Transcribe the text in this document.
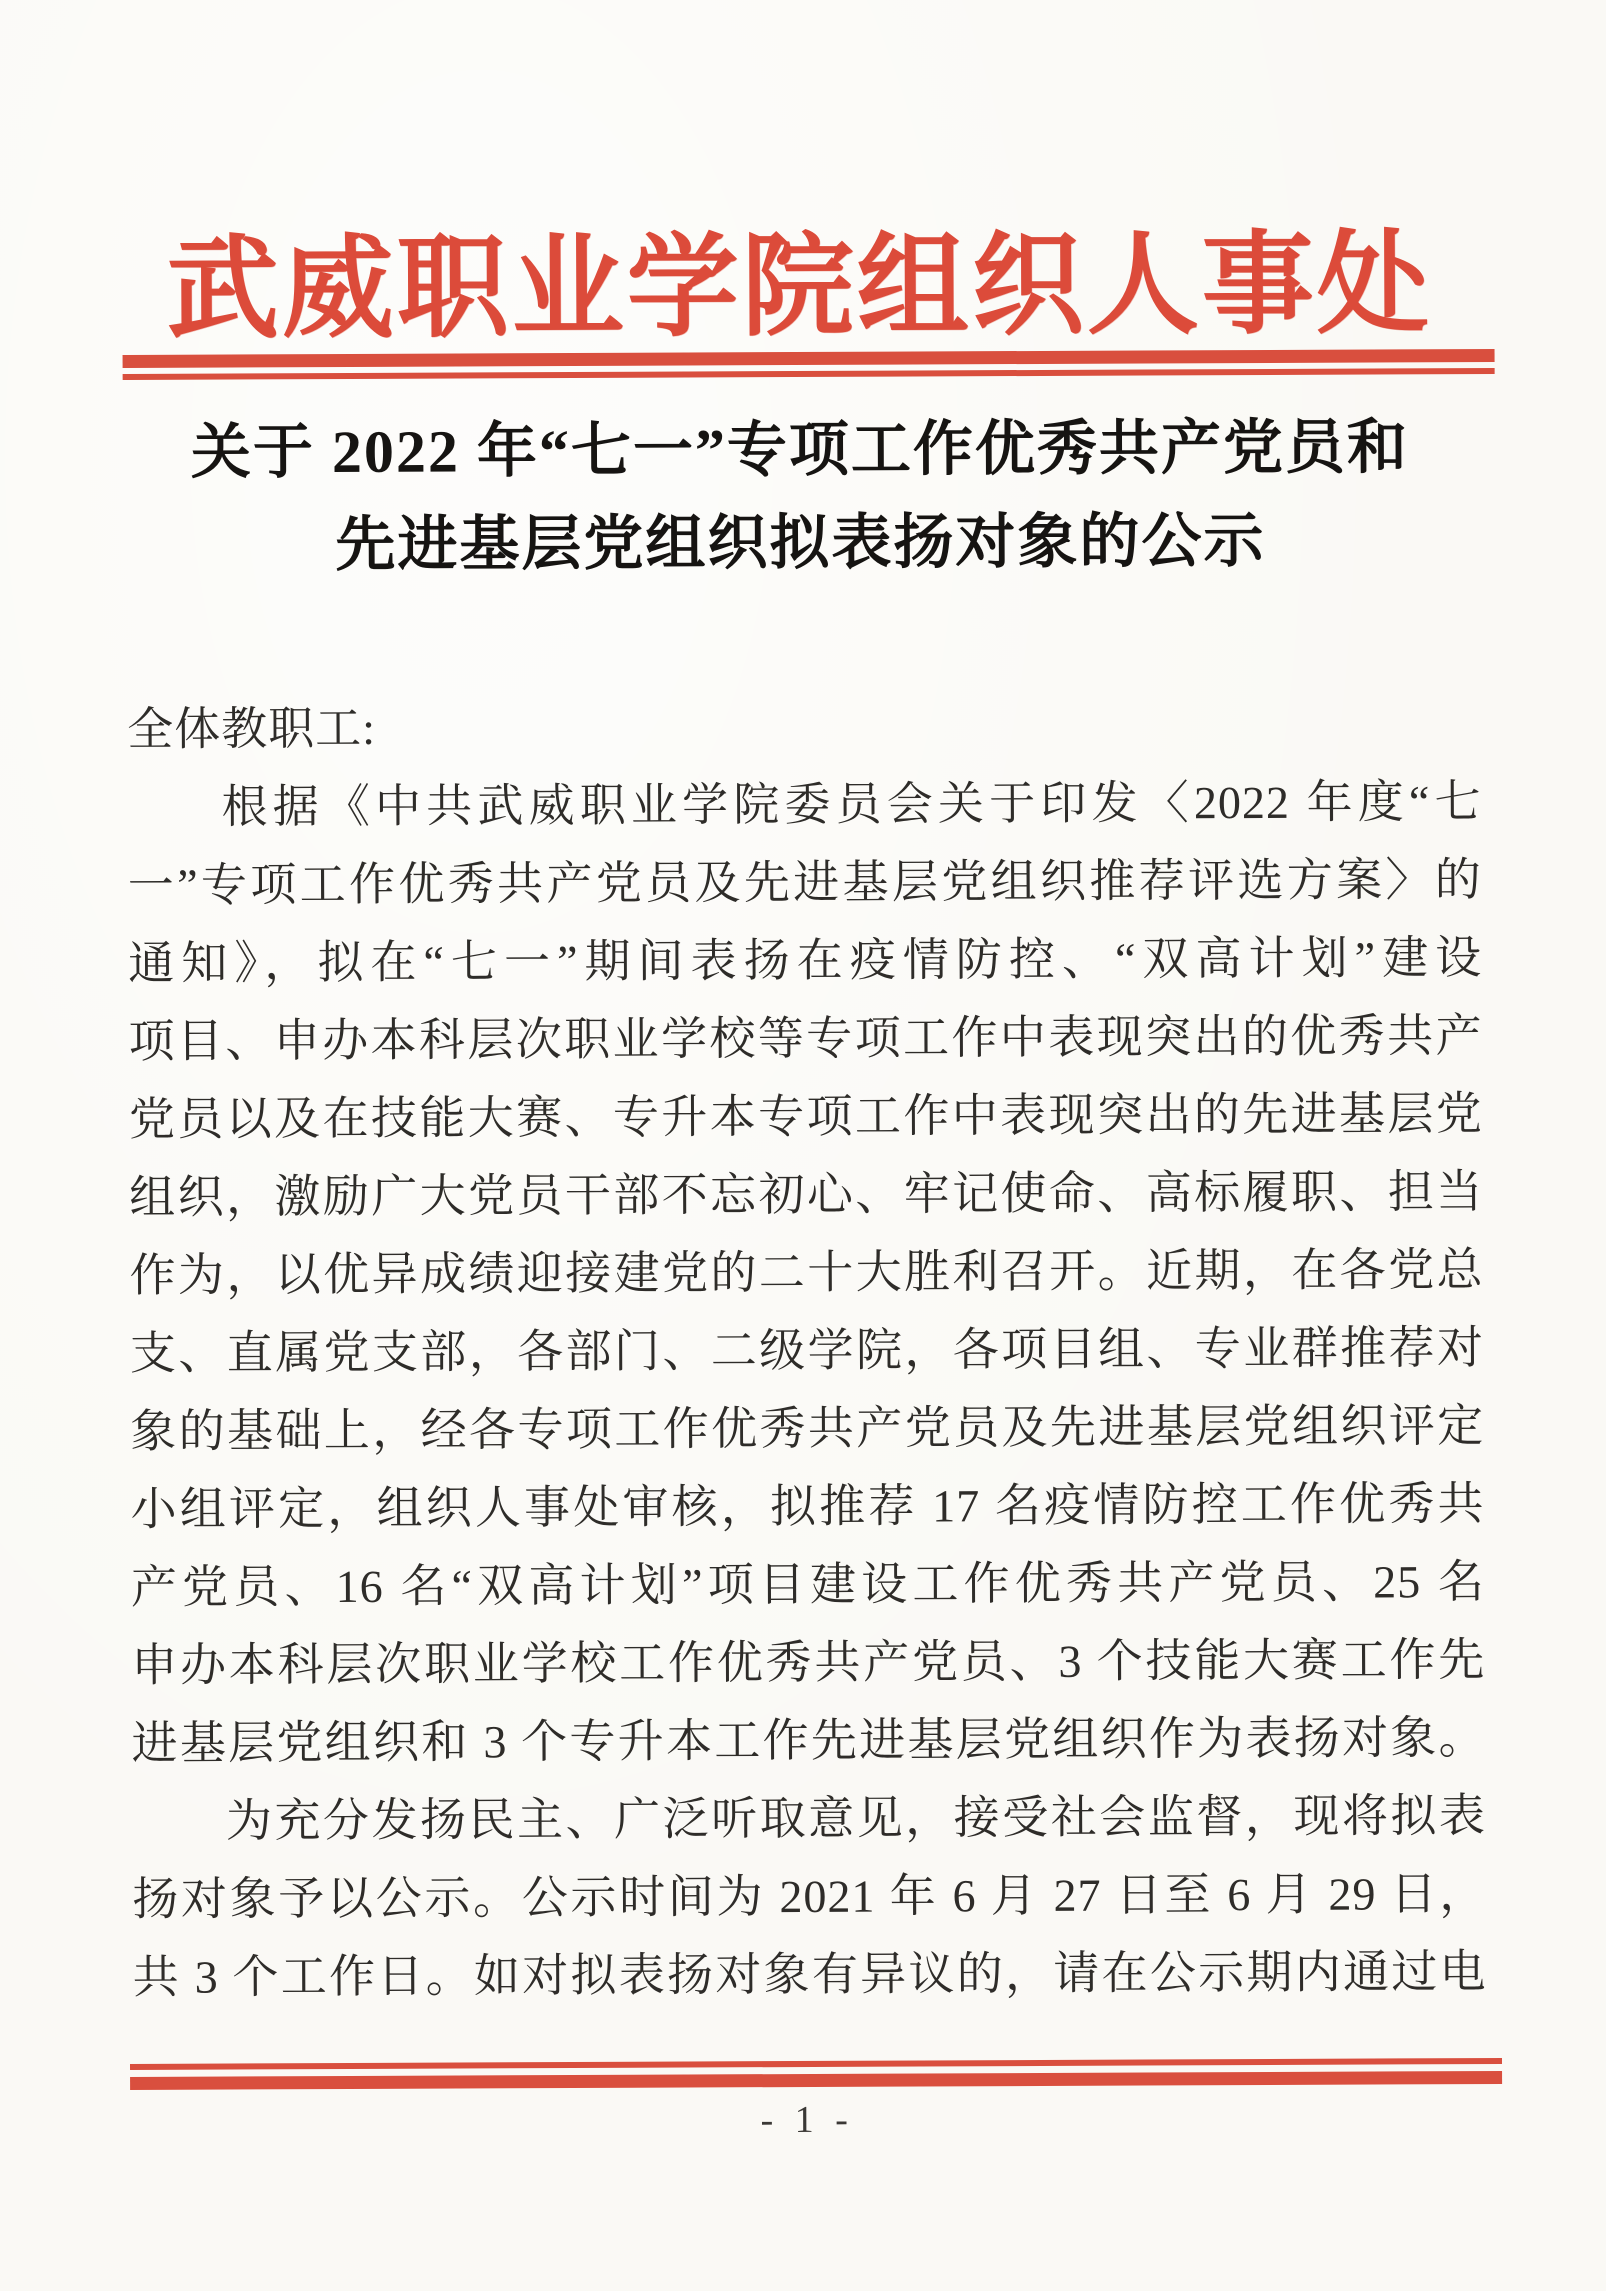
武威职业学院组织人事处
关于 2022 年“七一”专项工作优秀共产党员和
先进基层党组织拟表扬对象的公示
全体教职工:
根据《中共武威职业学院委员会关于印发〈2022 年度“七
一”专项工作优秀共产党员及先进基层党组织推荐评选方案〉的
通知》，拟在“七一”期间表扬在疫情防控、“双高计划”建设
项目、申办本科层次职业学校等专项工作中表现突出的优秀共产
党员以及在技能大赛、专升本专项工作中表现突出的先进基层党
组织，激励广大党员干部不忘初心、牢记使命、高标履职、担当
作为，以优异成绩迎接建党的二十大胜利召开。近期，在各党总
支、直属党支部，各部门、二级学院，各项目组、专业群推荐对
象的基础上，经各专项工作优秀共产党员及先进基层党组织评定
小组评定，组织人事处审核，拟推荐 17 名疫情防控工作优秀共
产党员、16 名“双高计划”项目建设工作优秀共产党员、25 名
申办本科层次职业学校工作优秀共产党员、3 个技能大赛工作先
进基层党组织和 3 个专升本工作先进基层党组织作为表扬对象。
为充分发扬民主、广泛听取意见，接受社会监督，现将拟表
扬对象予以公示。公示时间为 2021 年 6 月 27 日至 6 月 29 日，
共 3 个工作日。如对拟表扬对象有异议的，请在公示期内通过电
- 1 -
